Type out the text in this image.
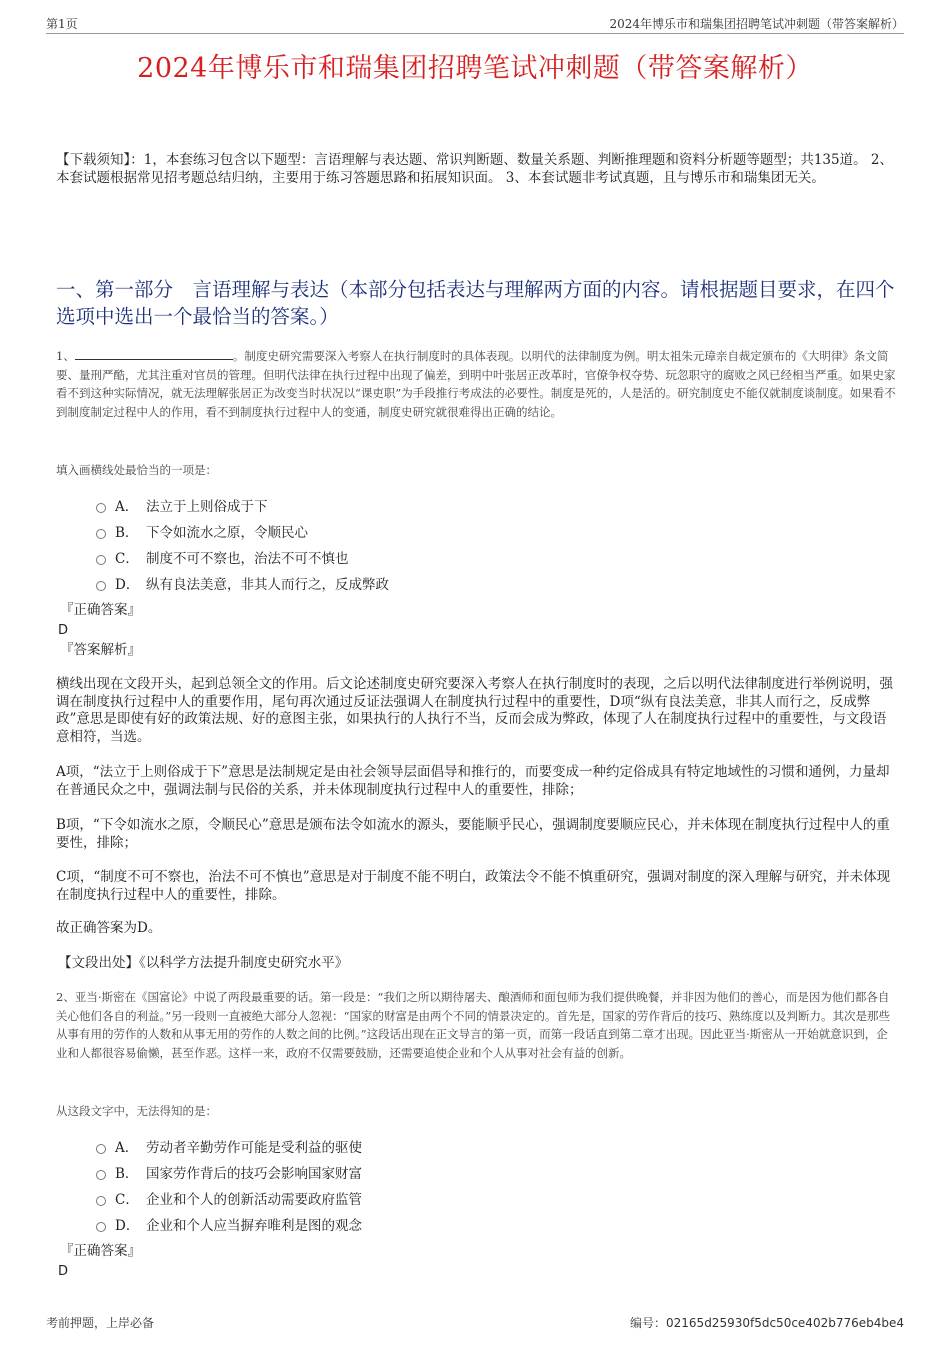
第1页	2024年博乐市和瑞集团招聘笔试冲刺题（带答案解析）
2024年博乐市和瑞集团招聘笔试冲刺题（带答案解析）
【下载须知】：1，本套练习包含以下题型：言语理解与表达题、常识判断题、数量关系题、判断推理题和资料分析题等题型；共135道。 2、本套试题根据常见招考题总结归纳，主要用于练习答题思路和拓展知识面。 3、本套试题非考试真题，且与博乐市和瑞集团无关。
一、第一部分　言语理解与表达（本部分包括表达与理解两方面的内容。请根据题目要求，在四个选项中选出一个最恰当的答案。）
1、	。制度史研究需要深入考察人在执行制度时的具体表现。以明代的法律制度为例。明太祖朱元璋亲自裁定颁布的《大明律》条文简要、量刑严酷，尤其注重对官员的管理。但明代法律在执行过程中出现了偏差，到明中叶张居正改革时，官僚争权夺势、玩忽职守的腐败之风已经相当严重。如果史家看不到这种实际情况，就无法理解张居正为改变当时状况以“课吏职”为手段推行考成法的必要性。制度是死的，人是活的。研究制度史不能仅就制度谈制度。如果看不到制度制定过程中人的作用，看不到制度执行过程中人的变通，制度史研究就很难得出正确的结论。
填入画横线处最恰当的一项是：
A． 法立于上则俗成于下
B． 下令如流水之原，令顺民心
C． 制度不可不察也，治法不可不慎也
D． 纵有良法美意，非其人而行之，反成弊政
『正确答案』
D
『答案解析』
横线出现在文段开头，起到总领全文的作用。后文论述制度史研究要深入考察人在执行制度时的表现，之后以明代法律制度进行举例说明，强调在制度执行过程中人的重要作用，尾句再次通过反证法强调人在制度执行过程中的重要性，D项“纵有良法美意，非其人而行之，反成弊政”意思是即使有好的政策法规、好的意图主张，如果执行的人执行不当，反而会成为弊政，体现了人在制度执行过程中的重要性，与文段语意相符，当选。
A项，“法立于上则俗成于下”意思是法制规定是由社会领导层面倡导和推行的，而要变成一种约定俗成具有特定地域性的习惯和通例，力量却在普通民众之中，强调法制与民俗的关系，并未体现制度执行过程中人的重要性，排除；
B项，“下令如流水之原，令顺民心”意思是颁布法令如流水的源头，要能顺乎民心，强调制度要顺应民心，并未体现在制度执行过程中人的重要性，排除；
C项，“制度不可不察也，治法不可不慎也”意思是对于制度不能不明白，政策法令不能不慎重研究，强调对制度的深入理解与研究，并未体现在制度执行过程中人的重要性，排除。
故正确答案为D。
【文段出处】《以科学方法提升制度史研究水平》
2、亚当·斯密在《国富论》中说了两段最重要的话。第一段是：“我们之所以期待屠夫、酿酒师和面包师为我们提供晚餐，并非因为他们的善心，而是因为他们都各自关心他们各自的利益。”另一段则一直被绝大部分人忽视：“国家的财富是由两个不同的情景决定的。首先是，国家的劳作背后的技巧、熟练度以及判断力。其次是那些从事有用的劳作的人数和从事无用的劳作的人数之间的比例。”这段话出现在正文导言的第一页，而第一段话直到第二章才出现。因此亚当·斯密从一开始就意识到，企业和人都很容易偷懒，甚至作恶。这样一来，政府不仅需要鼓励，还需要追使企业和个人从事对社会有益的创新。
从这段文字中，无法得知的是：
A． 劳动者辛勤劳作可能是受利益的驱使
B． 国家劳作背后的技巧会影响国家财富
C． 企业和个人的创新活动需要政府监管
D． 企业和个人应当摒弃唯利是图的观念
『正确答案』
D
考前押题，上岸必备	编号：02165d25930f5dc50ce402b776eb4be4
